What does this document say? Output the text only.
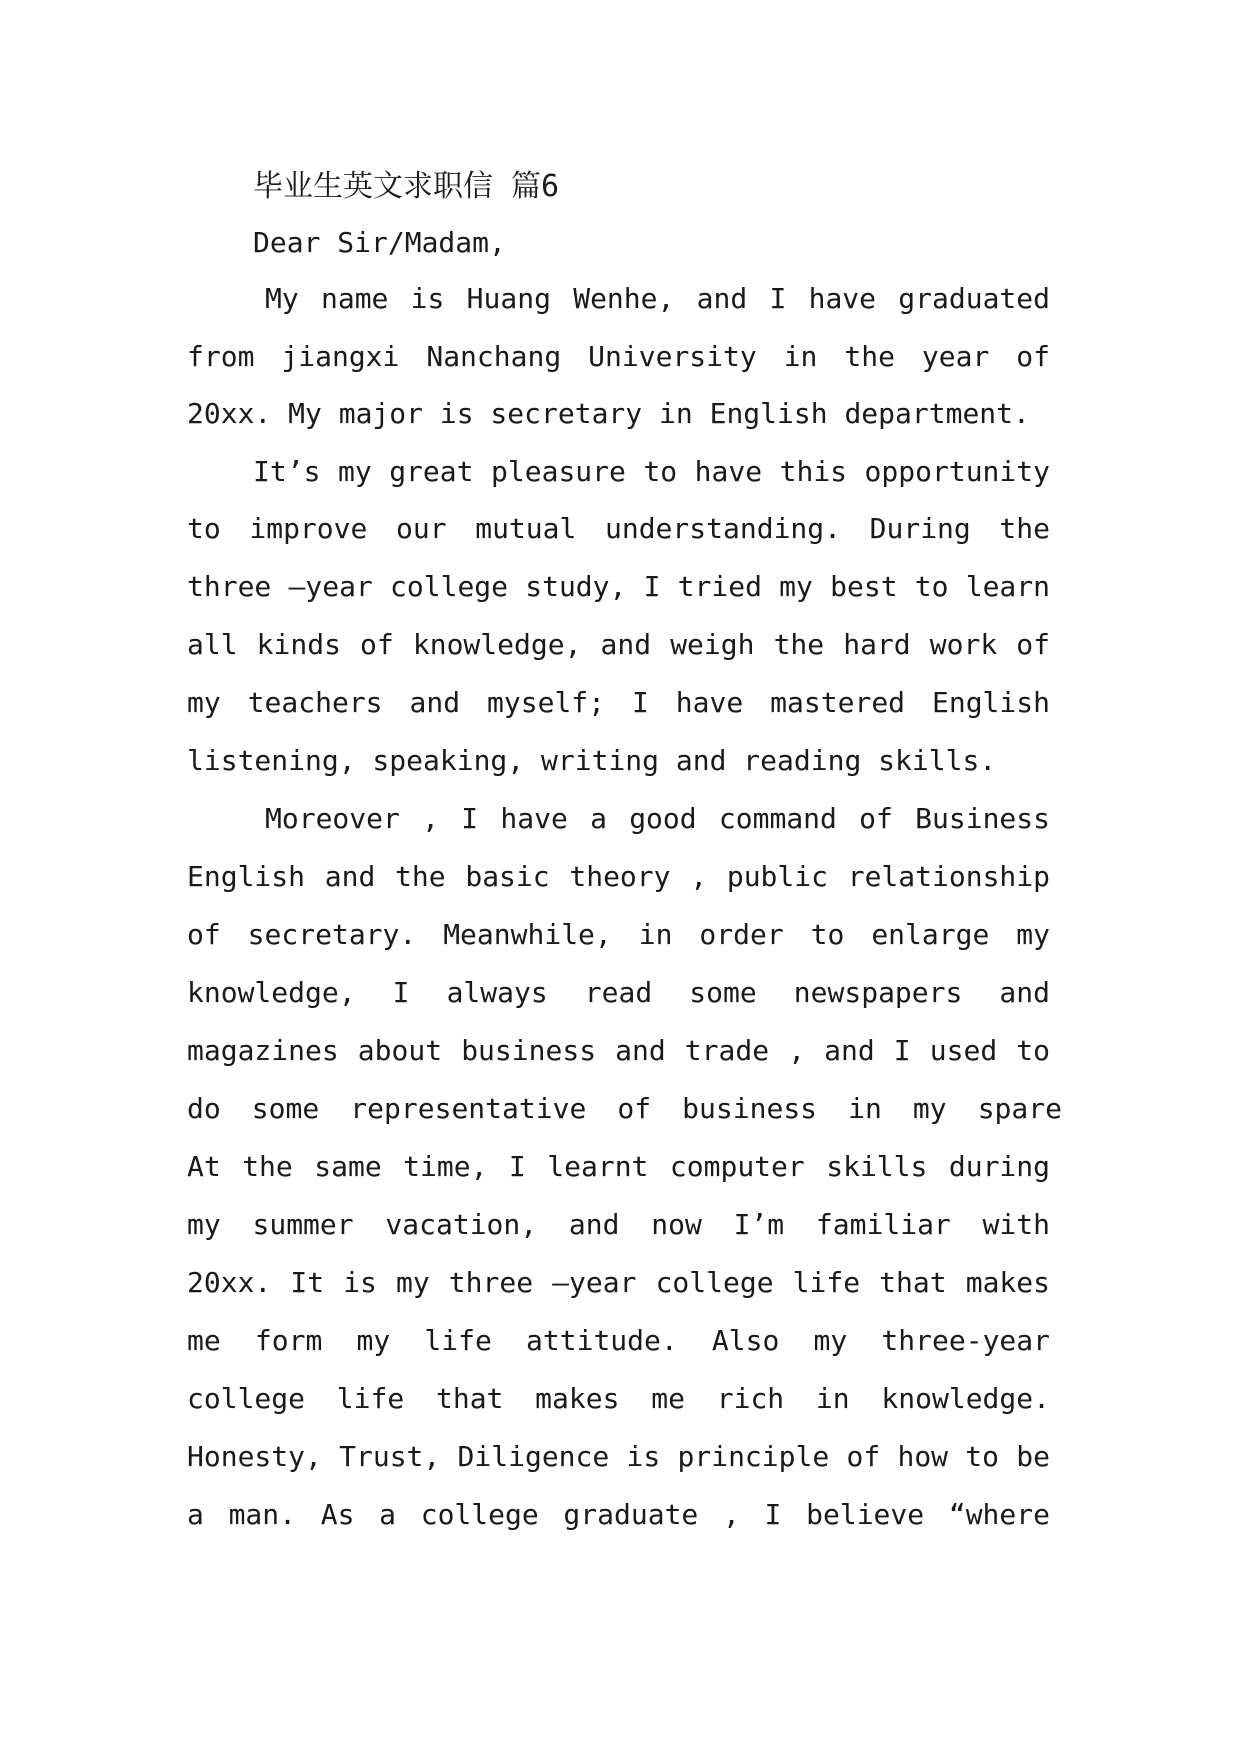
毕业生英文求职信 篇6
Dear Sir/Madam,
My name is Huang Wenhe, and I have graduated
from jiangxi Nanchang University in the year of
20xx. My major is secretary in English department.
It’s my great pleasure to have this opportunity
to improve our mutual understanding. During the
three –year college study, I tried my best to learn
all kinds of knowledge, and weigh the hard work of
my teachers and myself; I have mastered English
listening, speaking, writing and reading skills.
Moreover , I have a good command of Business
English and the basic theory , public relationship
of secretary. Meanwhile, in order to enlarge my
knowledge, I always read some newspapers and
magazines about business and trade , and I used to
do some representative of business in my spare
At the same time, I learnt computer skills during
my summer vacation, and now I’m familiar with
20xx. It is my three –year college life that makes
me form my life attitude. Also my three-year
college life that makes me rich in knowledge.
Honesty, Trust, Diligence is principle of how to be
a man. As a college graduate , I believe “where
